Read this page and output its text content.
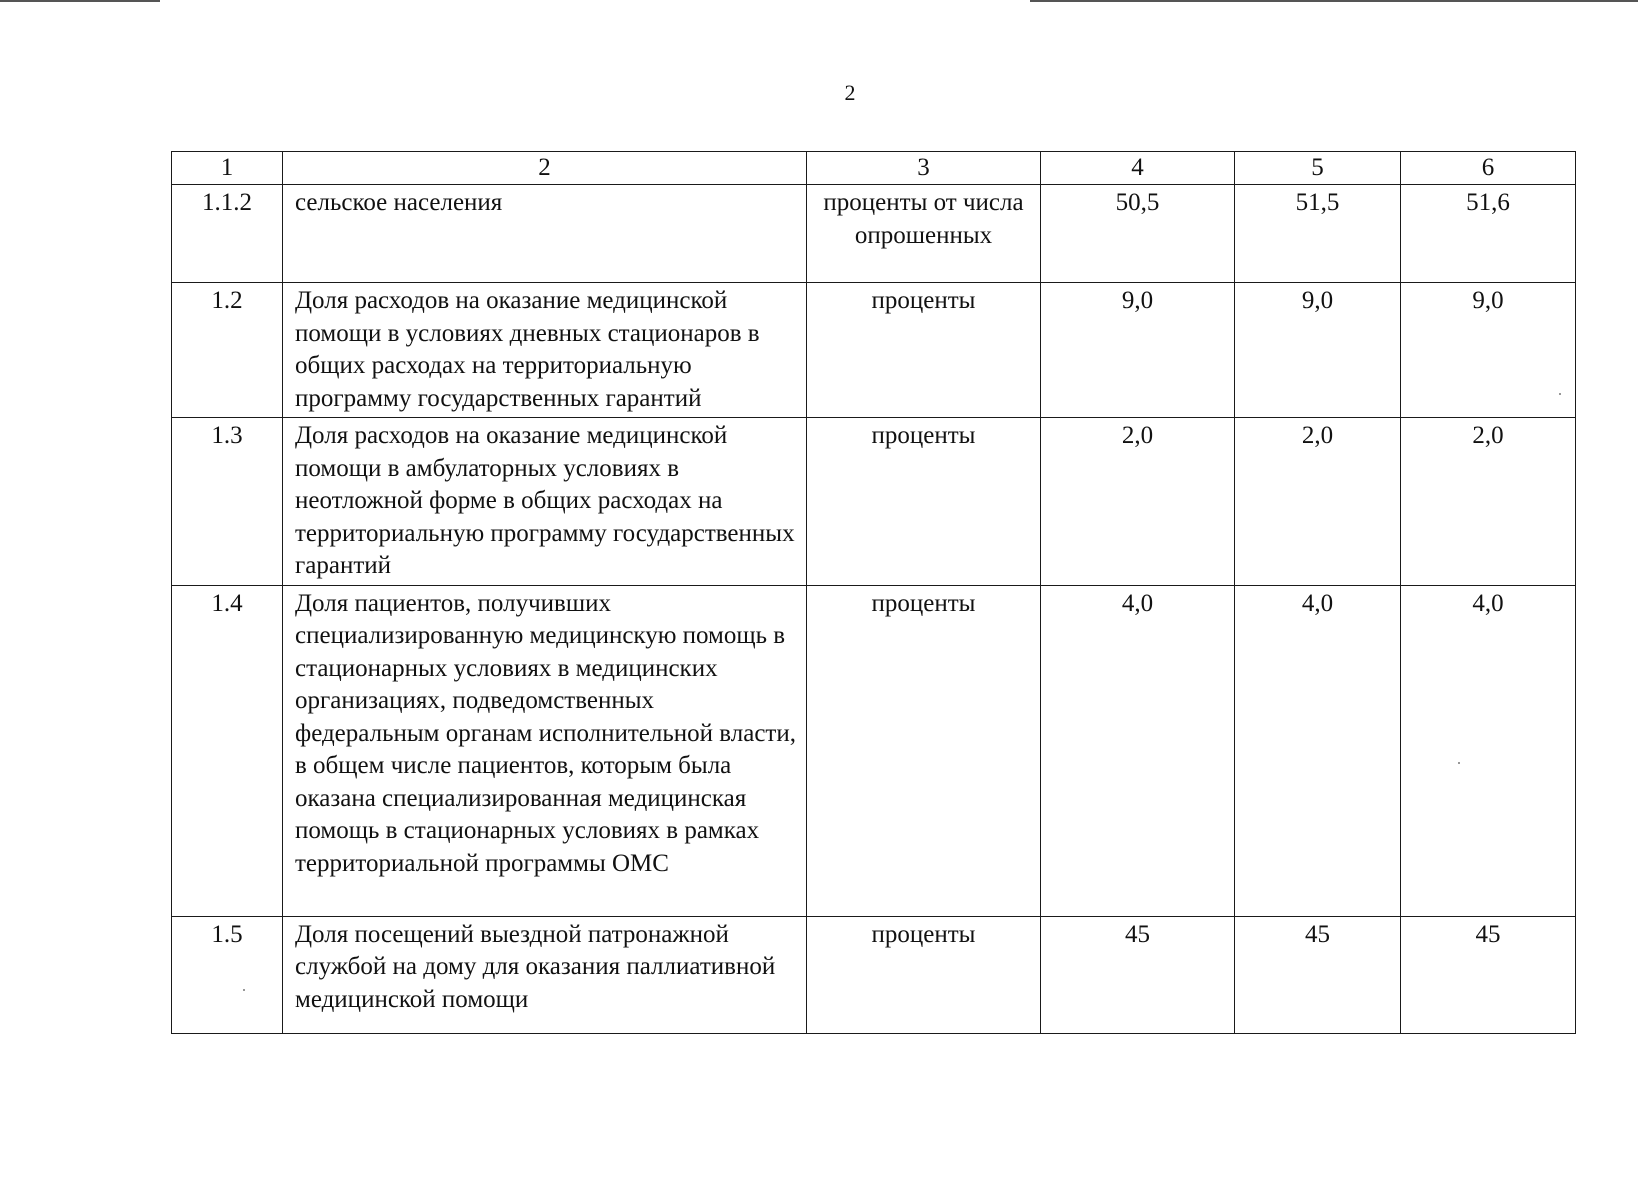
2
1	2	3	4	5	6
1.1.2	сельское населения	проценты от числа опрошенных	50,5	51,5	51,6
1.2	Доля расходов на оказание медицинской помощи в условиях дневных стационаров в общих расходах на территориальную программу государственных гарантий	проценты	9,0	9,0	9,0
1.3	Доля расходов на оказание медицинской помощи в амбулаторных условиях в неотложной форме в общих расходах на территориальную программу государственных гарантий	проценты	2,0	2,0	2,0
1.4	Доля пациентов, получивших специализированную медицинскую помощь в стационарных условиях в медицинских организациях, подведомственных федеральным органам исполнительной власти, в общем числе пациентов, которым была оказана специализированная медицинская помощь в стационарных условиях в рамках территориальной программы ОМС	проценты	4,0	4,0	4,0
1.5	Доля посещений выездной патронажной службой на дому для оказания паллиативной медицинской помощи	проценты	45	45	45
